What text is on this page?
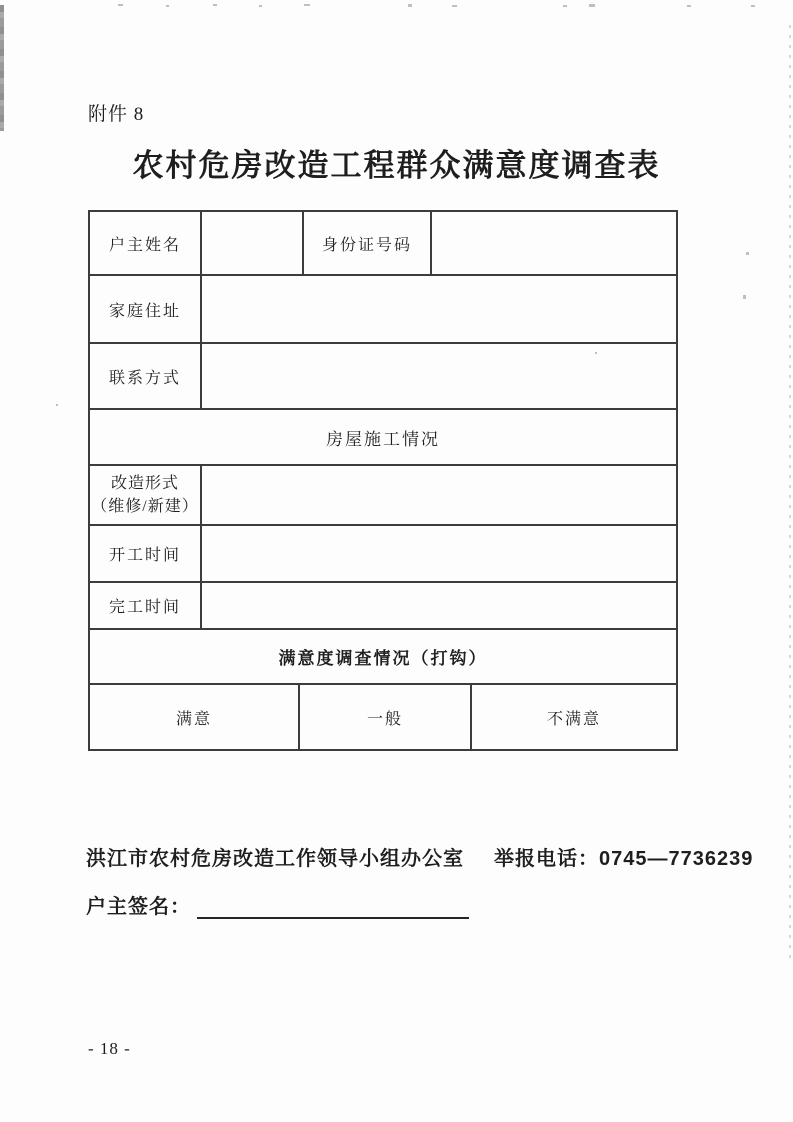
附件 8
农村危房改造工程群众满意度调查表
户主姓名	身份证号码
家庭住址
联系方式
房屋施工情况
改造形式
（维修/新建）
开工时间
完工时间
满意度调查情况（打钩）
满意	一般	不满意
洪江市农村危房改造工作领导小组办公室 举报电话：0745—7736239
户主签名：
- 18 -
